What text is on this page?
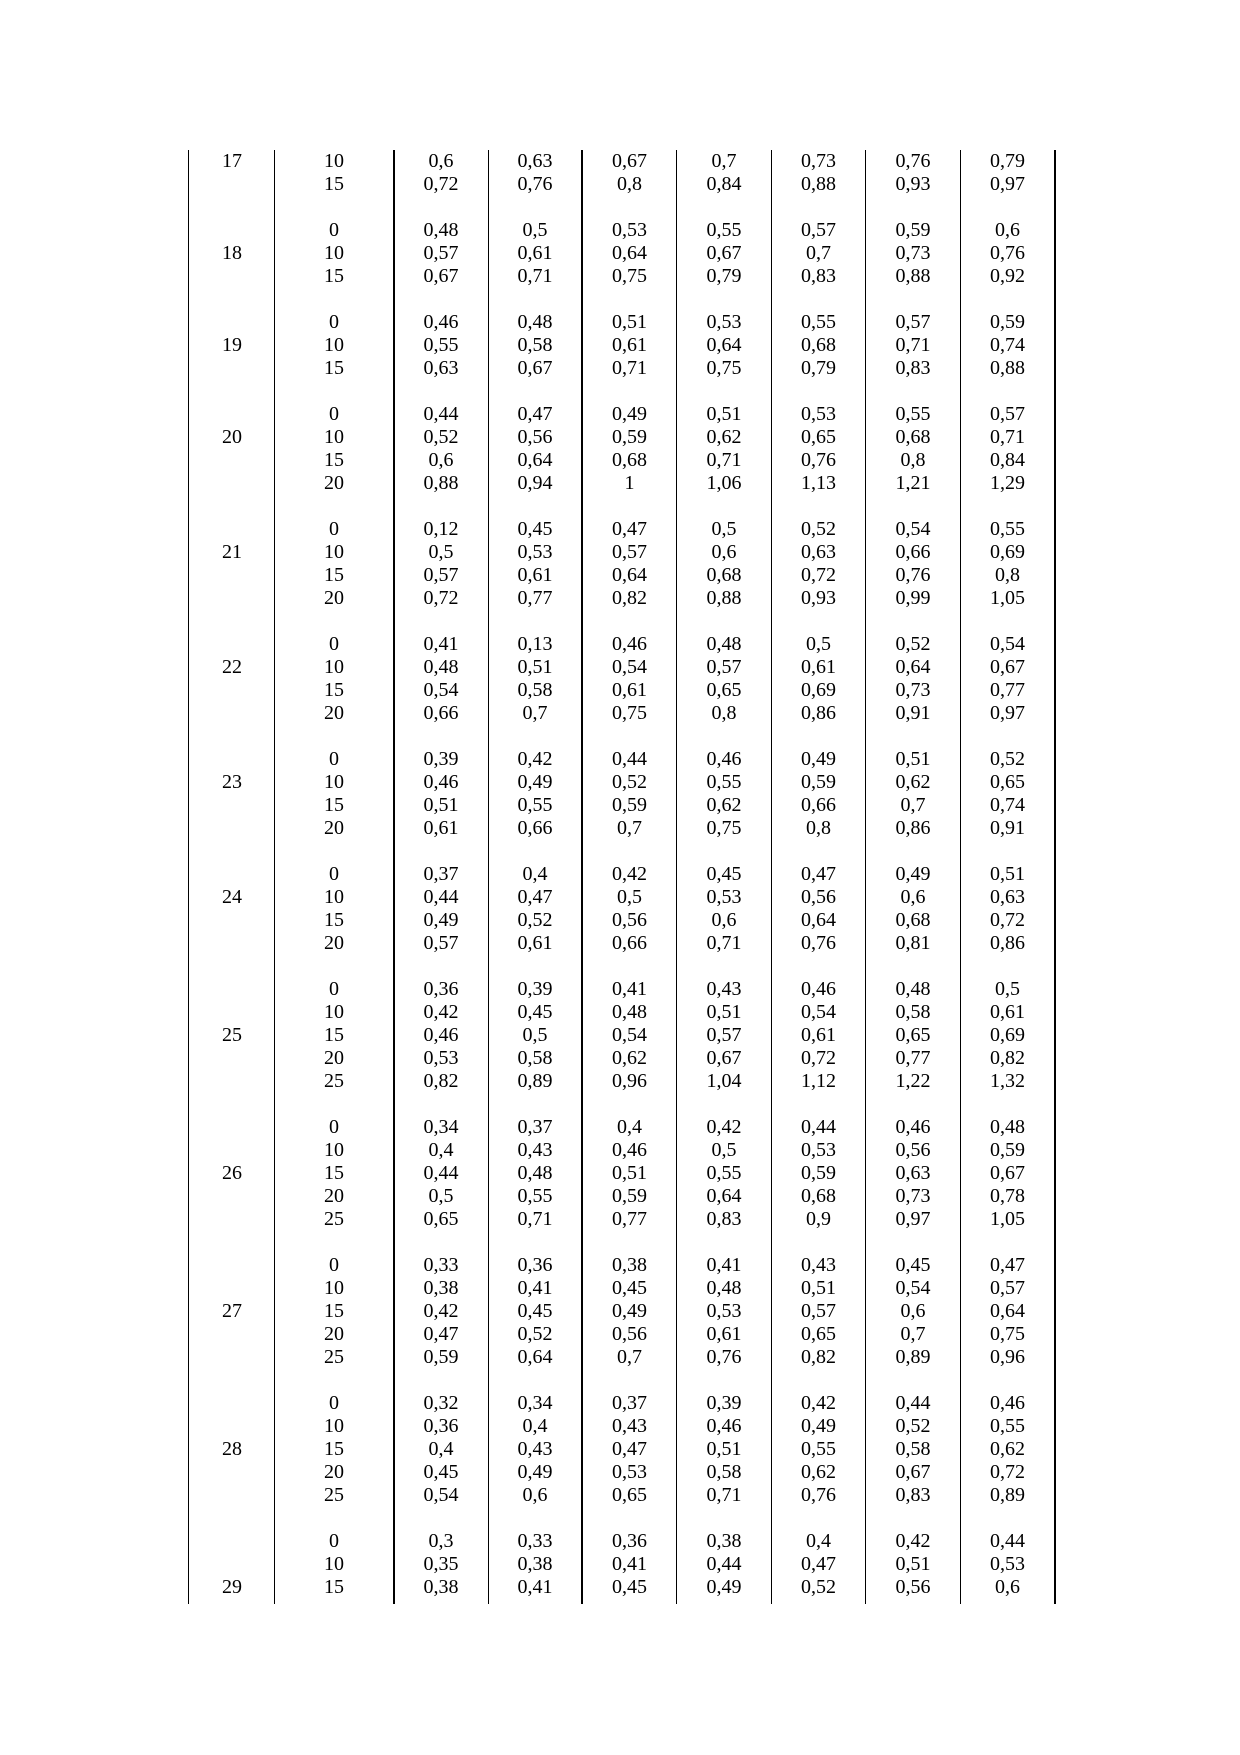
17	10
15
0,6
0,72
0,63
0,76
0,67
0,8
0,7
0,84
0,73
0,88
0,76
0,93
0,79
0,97
18
0
10
15
0,48
0,57
0,67
0,5
0,61
0,71
0,53
0,64
0,75
0,55
0,67
0,79
0,57
0,7
0,83
0,59
0,73
0,88
0,6
0,76
0,92
19
0
10
15
0,46
0,55
0,63
0,48
0,58
0,67
0,51
0,61
0,71
0,53
0,64
0,75
0,55
0,68
0,79
0,57
0,71
0,83
0,59
0,74
0,88
20
0
10
15
20
0,44
0,52
0,6
0,88
0,47
0,56
0,64
0,94
0,49
0,59
0,68
1
0,51
0,62
0,71
1,06
0,53
0,65
0,76
1,13
0,55
0,68
0,8
1,21
0,57
0,71
0,84
1,29
21
0
10
15
20
0,12
0,5
0,57
0,72
0,45
0,53
0,61
0,77
0,47
0,57
0,64
0,82
0,5
0,6
0,68
0,88
0,52
0,63
0,72
0,93
0,54
0,66
0,76
0,99
0,55
0,69
0,8
1,05
22
0
10
15
20
0,41
0,48
0,54
0,66
0,13
0,51
0,58
0,7
0,46
0,54
0,61
0,75
0,48
0,57
0,65
0,8
0,5
0,61
0,69
0,86
0,52
0,64
0,73
0,91
0,54
0,67
0,77
0,97
23
0
10
15
20
0,39
0,46
0,51
0,61
0,42
0,49
0,55
0,66
0,44
0,52
0,59
0,7
0,46
0,55
0,62
0,75
0,49
0,59
0,66
0,8
0,51
0,62
0,7
0,86
0,52
0,65
0,74
0,91
24
0
10
15
20
0,37
0,44
0,49
0,57
0,4
0,47
0,52
0,61
0,42
0,5
0,56
0,66
0,45
0,53
0,6
0,71
0,47
0,56
0,64
0,76
0,49
0,6
0,68
0,81
0,51
0,63
0,72
0,86
25
0
10
15
20
25
0,36
0,42
0,46
0,53
0,82
0,39
0,45
0,5
0,58
0,89
0,41
0,48
0,54
0,62
0,96
0,43
0,51
0,57
0,67
1,04
0,46
0,54
0,61
0,72
1,12
0,48
0,58
0,65
0,77
1,22
0,5
0,61
0,69
0,82
1,32
26
0
10
15
20
25
0,34
0,4
0,44
0,5
0,65
0,37
0,43
0,48
0,55
0,71
0,4
0,46
0,51
0,59
0,77
0,42
0,5
0,55
0,64
0,83
0,44
0,53
0,59
0,68
0,9
0,46
0,56
0,63
0,73
0,97
0,48
0,59
0,67
0,78
1,05
27
0
10
15
20
25
0,33
0,38
0,42
0,47
0,59
0,36
0,41
0,45
0,52
0,64
0,38
0,45
0,49
0,56
0,7
0,41
0,48
0,53
0,61
0,76
0,43
0,51
0,57
0,65
0,82
0,45
0,54
0,6
0,7
0,89
0,47
0,57
0,64
0,75
0,96
28
0
10
15
20
25
0,32
0,36
0,4
0,45
0,54
0,34
0,4
0,43
0,49
0,6
0,37
0,43
0,47
0,53
0,65
0,39
0,46
0,51
0,58
0,71
0,42
0,49
0,55
0,62
0,76
0,44
0,52
0,58
0,67
0,83
0,46
0,55
0,62
0,72
0,89
29
0
10
15
0,3
0,35
0,38
0,33
0,38
0,41
0,36
0,41
0,45
0,38
0,44
0,49
0,4
0,47
0,52
0,42
0,51
0,56
0,44
0,53
0,6
